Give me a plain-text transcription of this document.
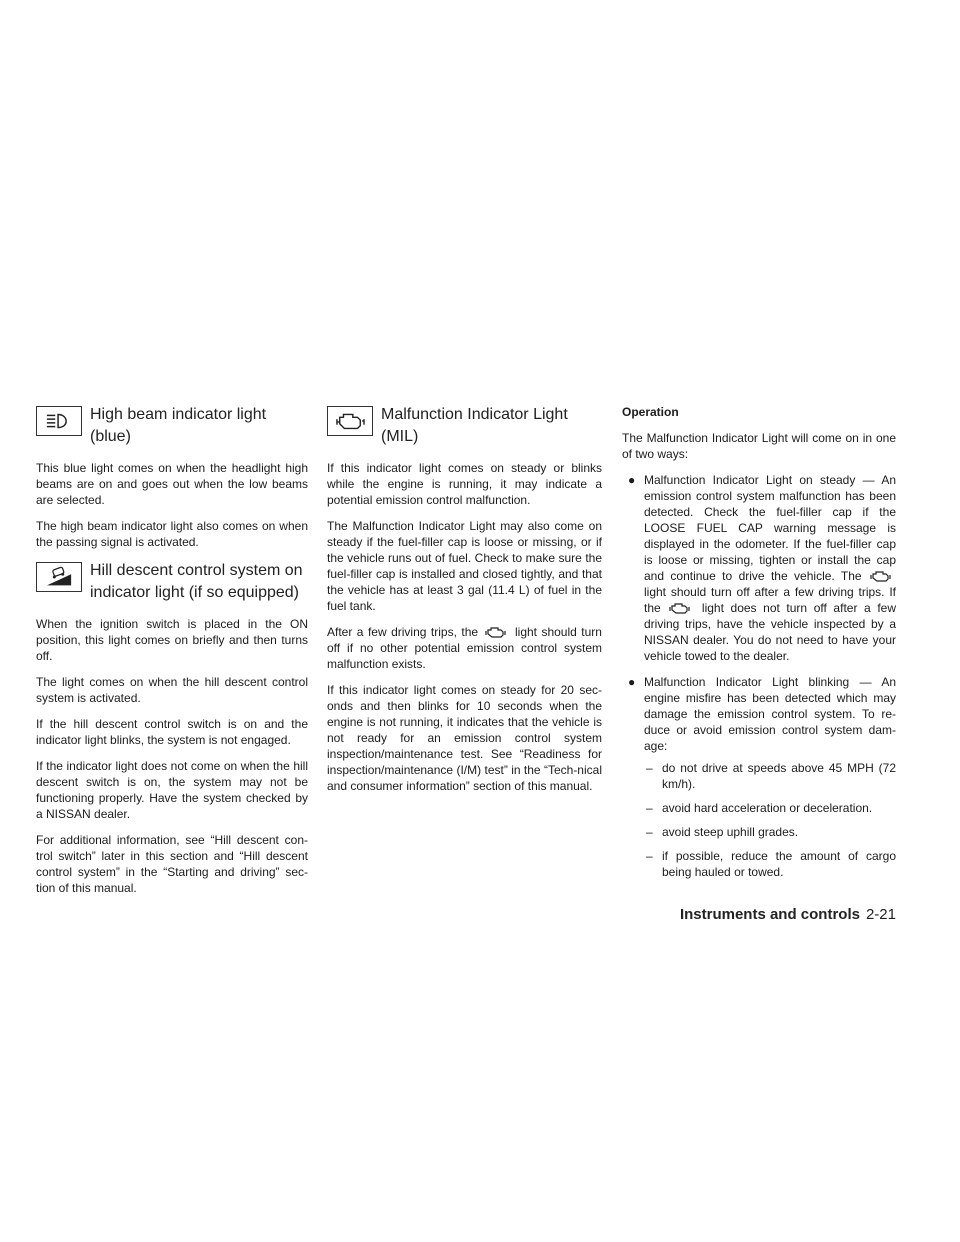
High beam indicator light
(blue)

This blue light comes on when the headlight high beams are on and goes out when the low beams are selected.

The high beam indicator light also comes on when the passing signal is activated.

Hill descent control system on
indicator light (if so equipped)

When the ignition switch is placed in the ON position, this light comes on briefly and then turns off.

The light comes on when the hill descent control system is activated.

If the hill descent control switch is on and the indicator light blinks, the system is not engaged.

If the indicator light does not come on when the hill descent switch is on, the system may not be functioning properly. Have the system checked by a NISSAN dealer.

For additional information, see “Hill descent con-trol switch” later in this section and “Hill descent control system” in the “Starting and driving” sec-tion of this manual.

Malfunction Indicator Light
(MIL)

If this indicator light comes on steady or blinks while the engine is running, it may indicate a potential emission control malfunction.

The Malfunction Indicator Light may also come on steady if the fuel-filler cap is loose or missing, or if the vehicle runs out of fuel. Check to make sure the fuel-filler cap is installed and closed tightly, and that the vehicle has at least 3 gal (11.4 L) of fuel in the fuel tank.

After a few driving trips, the	light should turn off if no other potential emission control system malfunction exists.

If this indicator light comes on steady for 20 sec-onds and then blinks for 10 seconds when the engine is not running, it indicates that the vehicle is not ready for an emission control system inspection/maintenance test. See “Readiness for inspection/maintenance (I/M) test” in the “Tech-nical and consumer information” section of this manual.

Operation

The Malfunction Indicator Light will come on in one of two ways:

● Malfunction Indicator Light on steady — An emission control system malfunction has been detected. Check the fuel-filler cap if the LOOSE FUEL CAP warning message is displayed in the odometer. If the fuel-filler cap is loose or missing, tighten or install the cap and continue to drive the vehicle. The
light should turn off after a few driving trips. If the	light does not turn off after a few driving trips, have the vehicle inspected by a NISSAN dealer. You do not need to have your vehicle towed to the dealer.
● Malfunction Indicator Light blinking — An engine misfire has been detected which may damage the emission control system. To re-duce or avoid emission control system dam-age:
– do not drive at speeds above 45 MPH (72 km/h).
– avoid hard acceleration or deceleration.
– avoid steep uphill grades.
– if possible, reduce the amount of cargo being hauled or towed.
Instruments and controls 2-21
